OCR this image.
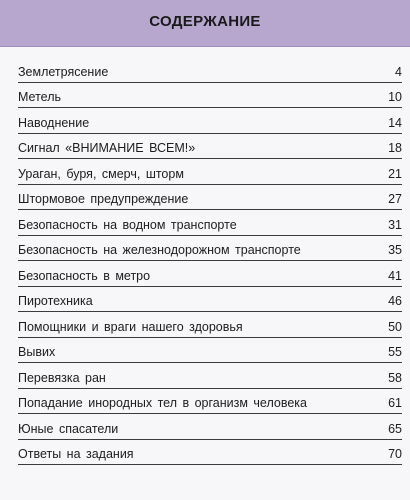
СОДЕРЖАНИЕ
Землетрясение	4
Метель	10
Наводнение	14
Сигнал «ВНИМАНИЕ ВСЕМ!»	18
Ураган, буря, смерч, шторм	21
Штормовое предупреждение	27
Безопасность на водном транспорте	31
Безопасность на железнодорожном транспорте	35
Безопасность в метро	41
Пиротехника	46
Помощники и враги нашего здоровья	50
Вывих	55
Перевязка ран	58
Попадание инородных тел в организм человека	61
Юные спасатели	65
Ответы на задания	70
